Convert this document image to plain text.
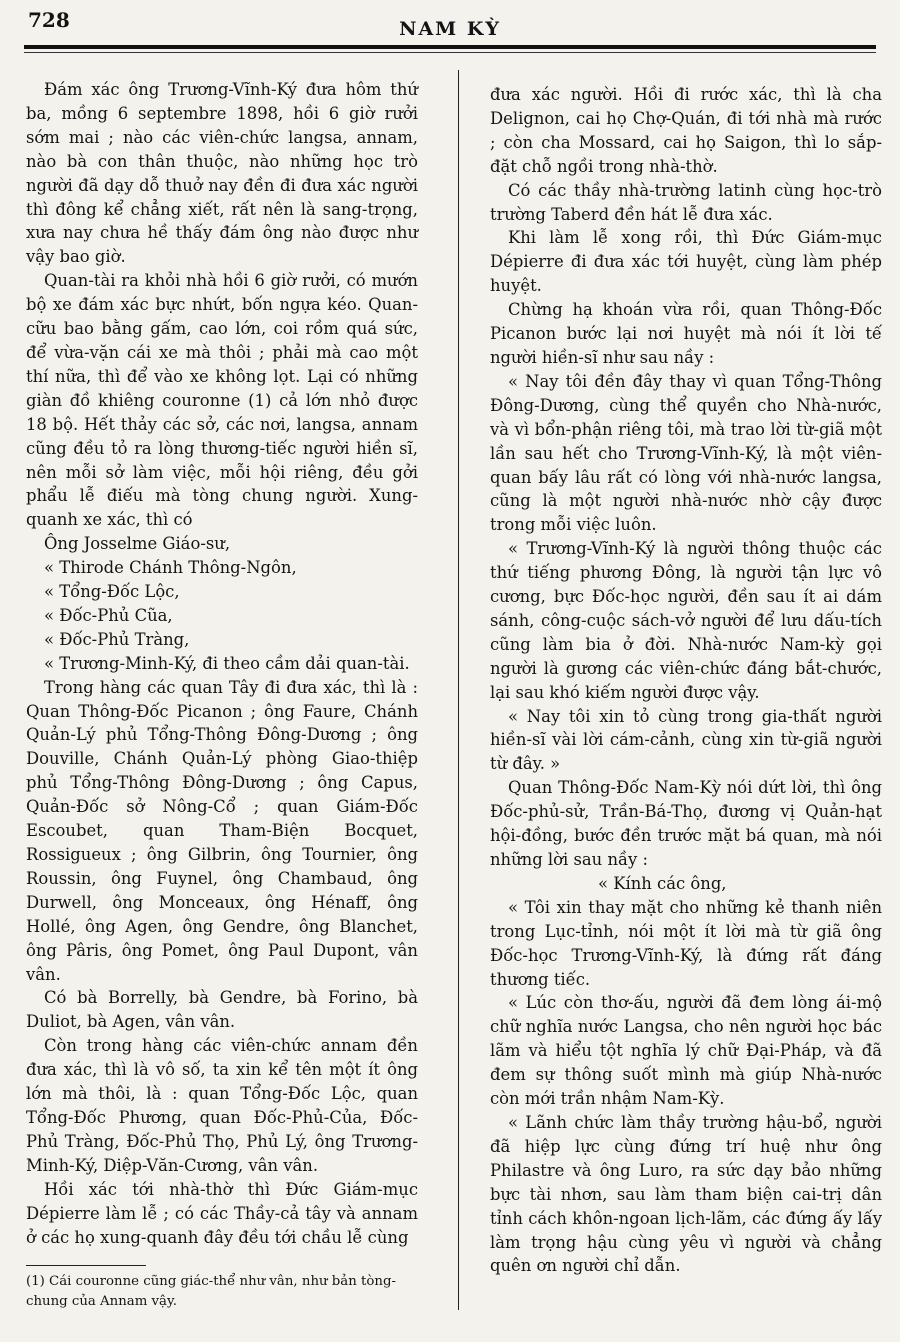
728	NAM KỲ

Đám xác ông Trương-Vĩnh-Ký đưa hôm thứ ba, mồng 6 septembre 1898, hồi 6 giờ rưởi sớm mai ; nào các viên-chức langsa, annam, nào bà con thân thuộc, nào những học trò người đã dạy dỗ thuở nay đền đi đưa xác người thì đông kể chẳng xiết, rất nên là sang-trọng, xưa nay chưa hề thấy đám ông nào được như vậy bao giờ.

Quan-tài ra khỏi nhà hồi 6 giờ rưởi, có mướn bộ xe đám xác bực nhứt, bốn ngựa kéo. Quan-cữu bao bằng gấm, cao lớn, coi rồm quá sức, để vừa-vặn cái xe mà thôi ; phải mà cao một thí nữa, thì để vào xe không lọt. Lại có những giàn đồ khiêng couronne (1) cả lớn nhỏ được 18 bộ. Hết thảy các sở, các nơi, langsa, annam cũng đều tỏ ra lòng thương-tiếc người hiền sĩ, nên mỗi sở làm việc, mỗi hội riêng, đều gởi phẩu lễ điếu mà tòng chung người. Xung-quanh xe xác, thì có

Ông Josselme Giáo-sư,

« Thirode Chánh Thông-Ngôn,

« Tổng-Đốc Lộc,

« Đốc-Phủ Cũa,

« Đốc-Phủ Tràng,

« Trương-Minh-Ký, đi theo cầm dải quan-tài.

Trong hàng các quan Tây đi đưa xác, thì là : Quan Thông-Đốc Picanon ; ông Faure, Chánh Quản-Lý phủ Tổng-Thông Đông-Dương ; ông Douville, Chánh Quản-Lý phòng Giao-thiệp phủ Tổng-Thông Đông-Dương ; ông Capus, Quản-Đốc sở Nông-Cổ ; quan Giám-Đốc Escoubet, quan Tham-Biện Bocquet, Rossigueux ; ông Gilbrin, ông Tournier, ông Roussin, ông Fuynel, ông Chambaud, ông Durwell, ông Monceaux, ông Hénaff, ông Hollé, ông Agen, ông Gendre, ông Blanchet, ông Pâris, ông Pomet, ông Paul Dupont, vân vân.

Có bà Borrelly, bà Gendre, bà Forino, bà Duliot, bà Agen, vân vân.

Còn trong hàng các viên-chức annam đền đưa xác, thì là vô số, ta xin kể tên một ít ông lớn mà thôi, là : quan Tổng-Đốc Lộc, quan Tổng-Đốc Phương, quan Đốc-Phủ-Của, Đốc-Phủ Tràng, Đốc-Phủ Thọ, Phủ Lý, ông Trương-Minh-Ký, Diệp-Văn-Cương, vân vân.

Hồi xác tới nhà-thờ thì Đức Giám-mục Dépierre làm lễ ; có các Thầy-cả tây và annam ở các họ xung-quanh đây đều tới chầu lễ cùng

(1) Cái couronne cũng giác-thể như vân, như bản tòng-chung của Annam vậy.

đưa xác người. Hồi đi rước xác, thì là cha Delignon, cai họ Chợ-Quán, đi tới nhà mà rước ; còn cha Mossard, cai họ Saigon, thì lo sắp-đặt chỗ ngồi trong nhà-thờ.

Có các thầy nhà-trường latinh cùng học-trò trường Taberd đền hát lễ đưa xác.

Khi làm lễ xong rồi, thì Đức Giám-mục Dépierre đi đưa xác tới huyệt, cùng làm phép huyệt.

Chừng hạ khoán vừa rồi, quan Thông-Đốc Picanon bước lại nơi huyệt mà nói ít lời tế người hiền-sĩ như sau nầy :

« Nay tôi đền đây thay vì quan Tổng-Thông Đông-Dương, cùng thể quyền cho Nhà-nước, và vì bổn-phận riêng tôi, mà trao lời từ-giã một lần sau hết cho Trương-Vĩnh-Ký, là một viên-quan bấy lâu rất có lòng với nhà-nước langsa, cũng là một người nhà-nước nhờ cậy được trong mỗi việc luôn.

« Trương-Vĩnh-Ký là người thông thuộc các thứ tiếng phương Đông, là người tận lực vô cương, bực Đốc-học người, đền sau ít ai dám sánh, công-cuộc sách-vở người để lưu dấu-tích cũng làm bia ở đời. Nhà-nước Nam-kỳ gọi người là gương các viên-chức đáng bắt-chước, lại sau khó kiếm người được vậy.

« Nay tôi xin tỏ cùng trong gia-thất người hiền-sĩ vài lời cám-cảnh, cùng xin từ-giã người từ đây. »

Quan Thông-Đốc Nam-Kỳ nói dứt lời, thì ông Đốc-phủ-sử, Trần-Bá-Thọ, đương vị Quản-hạt hội-đồng, bước đền trước mặt bá quan, mà nói những lời sau nầy :

« Kính các ông,

« Tôi xin thay mặt cho những kẻ thanh niên trong Lục-tỉnh, nói một ít lời mà từ giã ông Đốc-học Trương-Vĩnh-Ký, là đứng rất đáng thương tiếc.

« Lúc còn thơ-ấu, người đã đem lòng ái-mộ chữ nghĩa nước Langsa, cho nên người học bác lãm và hiểu tột nghĩa lý chữ Đại-Pháp, và đã đem sự thông suốt mình mà giúp Nhà-nước còn mới trần nhậm Nam-Kỳ.

« Lãnh chức làm thầy trường hậu-bổ, người đã hiệp lực cùng đứng trí huệ như ông Philastre và ông Luro, ra sức dạy bảo những bực tài nhơn, sau làm tham biện cai-trị dân tỉnh cách khôn-ngoan lịch-lãm, các đứng ấy lấy làm trọng hậu cùng yêu vì người và chẳng quên ơn người chỉ dẫn.
